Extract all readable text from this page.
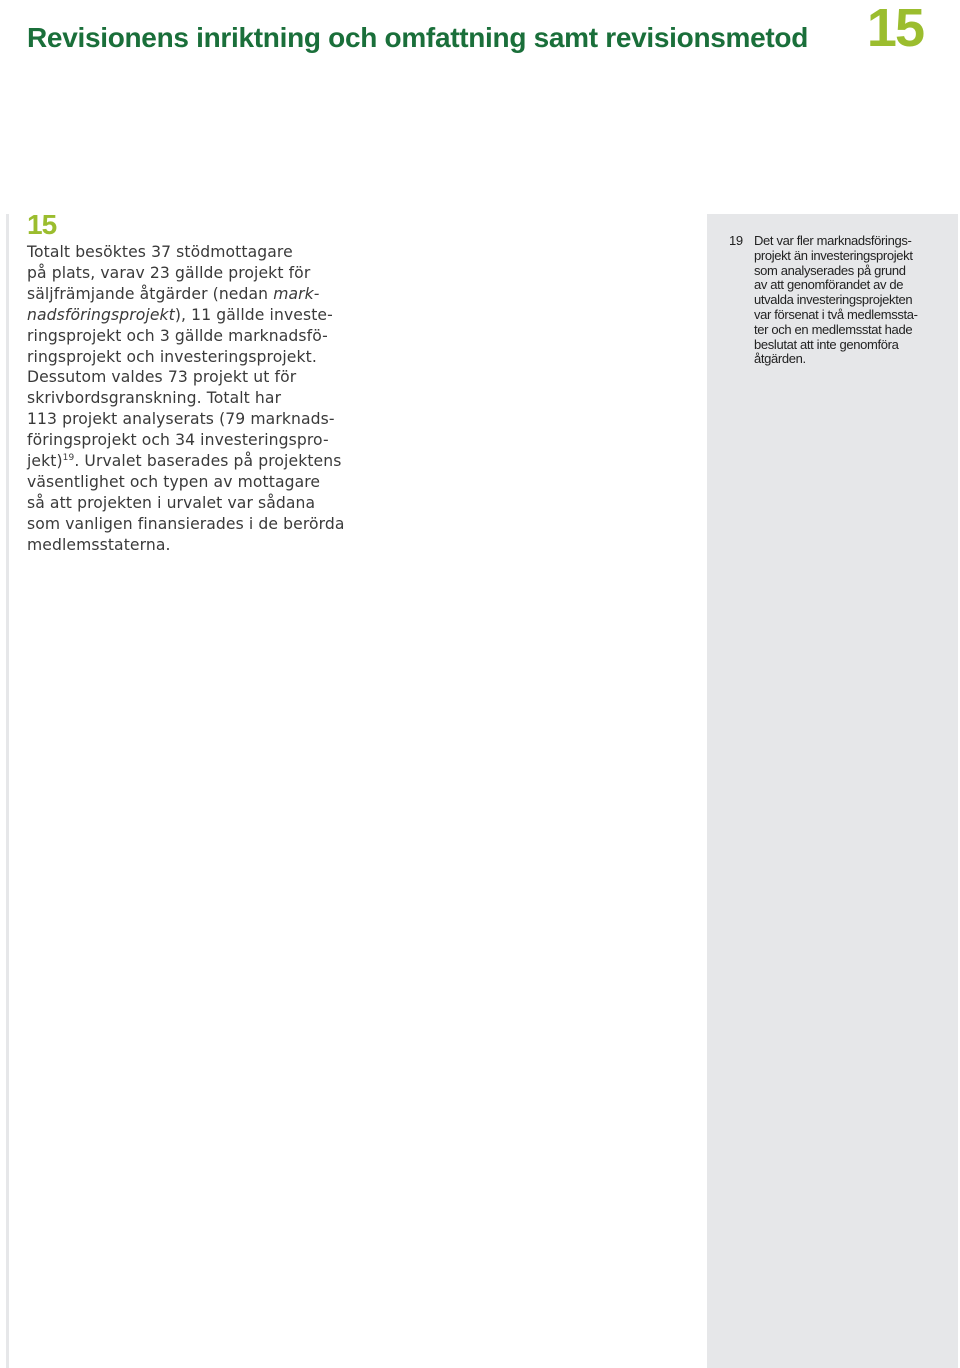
Revisionens inriktning och omfattning samt revisionsmetod 15
15

Totalt besöktes 37 stödmottagare
på plats, varav 23 gällde projekt för
säljfrämjande åtgärder (nedan mark-
nadsföringsprojekt), 11 gällde investe-
ringsprojekt och 3 gällde marknadsfö-
ringsprojekt och investeringsprojekt.
Dessutom valdes 73 projekt ut för
skrivbordsgranskning. Totalt har
113 projekt analyserats (79 marknads-
föringsprojekt och 34 investeringspro-
jekt)$^{19}$. Urvalet baserades på projektens
väsentlighet och typen av mottagare
så att projekten i urvalet var sådana
som vanligen finansierades i de berörda
medlemsstaterna.

19 Det var fler marknadsförings-
projekt än investeringsprojekt
som analyserades på grund
av att genomförandet av de
utvalda investeringsprojekten
var försenat i två medlemssta-
ter och en medlemsstat hade
beslutat att inte genomföra
åtgärden.
